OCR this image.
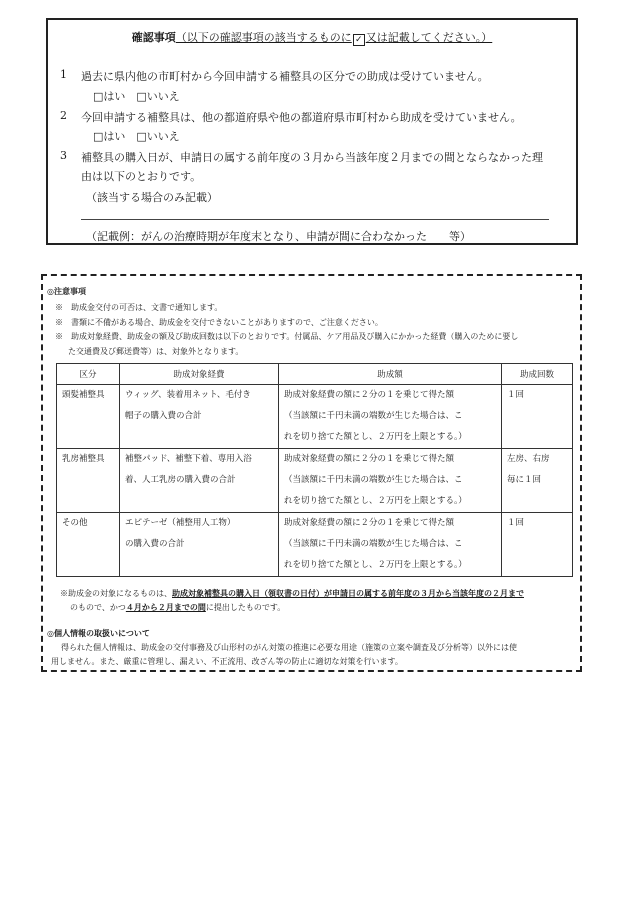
確認事項（以下の確認事項の該当するものに ✓ 又は記載してください。）
1 過去に県内他の市町村から今回申請する補整具の区分での助成は受けていません。
□はい　□いいえ
2 今回申請する補整具は、他の都道府県や他の都道府県市町村から助成を受けていません。
□はい　□いいえ
3 補整具の購入日が、申請日の属する前年度の３月から当該年度２月までの間とならなかった理
由は以下のとおりです。
（該当する場合のみ記載）
（記載例：がんの治療時期が年度末となり、申請が間に合わなかった　　等）
◎注意事項
※　助成金交付の可否は、文書で通知します。
※　書類に不備がある場合、助成金を交付できないことがありますので、ご注意ください。
※　助成対象経費、助成金の額及び助成回数は以下のとおりです。付属品、ケア用品及び購入にかかった経費（購入のために要し
た交通費及び郵送費等）は、対象外となります。
区分	助成対象経費	助成額	助成回数

頭髪補整具	ウィッグ、装着用ネット、毛付き
帽子の購入費の合計	助成対象経費の額に２分の１を乗じて得た額
（当該額に千円未満の端数が生じた場合は、こ
れを切り捨てた額とし、２万円を上限とする。）	１回

乳房補整具	補整パッド、補整下着、専用入浴
着、人工乳房の購入費の合計	助成対象経費の額に２分の１を乗じて得た額
（当該額に千円未満の端数が生じた場合は、こ
れを切り捨てた額とし、２万円を上限とする。）	左房、右房
毎に１回

その他	エピテーゼ（補整用人工物）
の購入費の合計	助成対象経費の額に２分の１を乗じて得た額
（当該額に千円未満の端数が生じた場合は、こ
れを切り捨てた額とし、２万円を上限とする。）	１回
※助成金の対象になるものは、助成対象補整具の購入日（領収書の日付）が申請日の属する前年度の３月から当該年度の２月まで
のもので、かつ４月から２月までの間に提出したものです。
◎個人情報の取扱いについて
得られた個人情報は、助成金の交付事務及び山形村のがん対策の推進に必要な用途（施策の立案や調査及び分析等）以外には使
用しません。また、厳重に管理し、漏えい、不正流用、改ざん等の防止に適切な対策を行います。
